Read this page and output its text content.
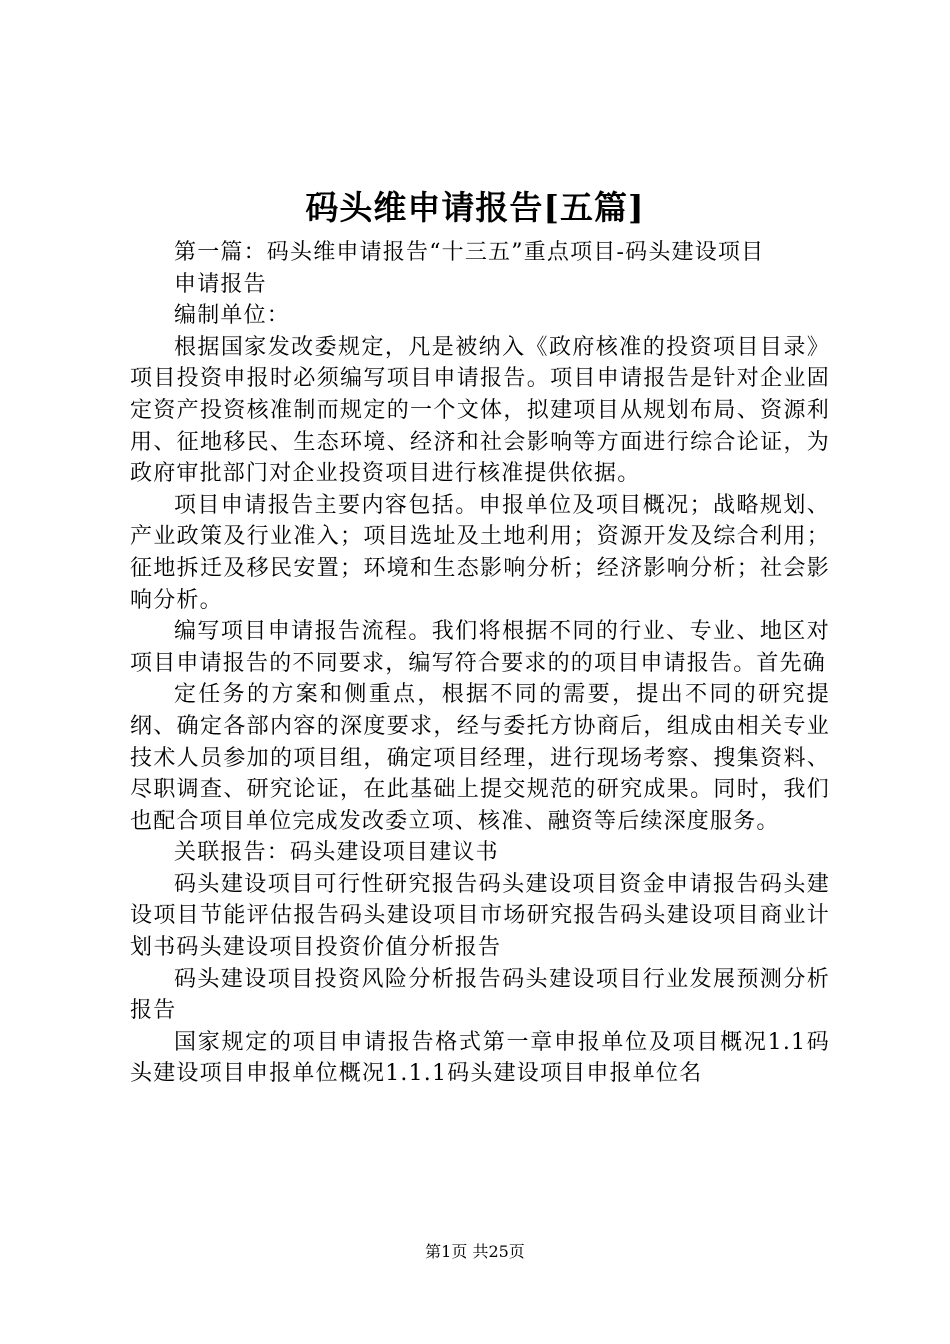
码头维申请报告[五篇]

第一篇：码头维申请报告“十三五”重点项目-码头建设项目

申请报告

编制单位：

根据国家发改委规定，凡是被纳入《政府核准的投资项目目录》项目投资申报时必须编写项目申请报告。项目申请报告是针对企业固定资产投资核准制而规定的一个文体，拟建项目从规划布局、资源利用、征地移民、生态环境、经济和社会影响等方面进行综合论证，为政府审批部门对企业投资项目进行核准提供依据。

项目申请报告主要内容包括。申报单位及项目概况；战略规划、产业政策及行业准入；项目选址及土地利用；资源开发及综合利用；征地拆迁及移民安置；环境和生态影响分析；经济影响分析；社会影响分析。

编写项目申请报告流程。我们将根据不同的行业、专业、地区对项目申请报告的不同要求，编写符合要求的的项目申请报告。首先确

定任务的方案和侧重点，根据不同的需要，提出不同的研究提纲、确定各部内容的深度要求，经与委托方协商后，组成由相关专业技术人员参加的项目组，确定项目经理，进行现场考察、搜集资料、尽职调查、研究论证，在此基础上提交规范的研究成果。同时，我们也配合项目单位完成发改委立项、核准、融资等后续深度服务。

关联报告：码头建设项目建议书

码头建设项目可行性研究报告码头建设项目资金申请报告码头建设项目节能评估报告码头建设项目市场研究报告码头建设项目商业计划书码头建设项目投资价值分析报告

码头建设项目投资风险分析报告码头建设项目行业发展预测分析报告

国家规定的项目申请报告格式第一章申报单位及项目概况1.1码头建设项目申报单位概况1.1.1码头建设项目申报单位名

第1页 共25页
